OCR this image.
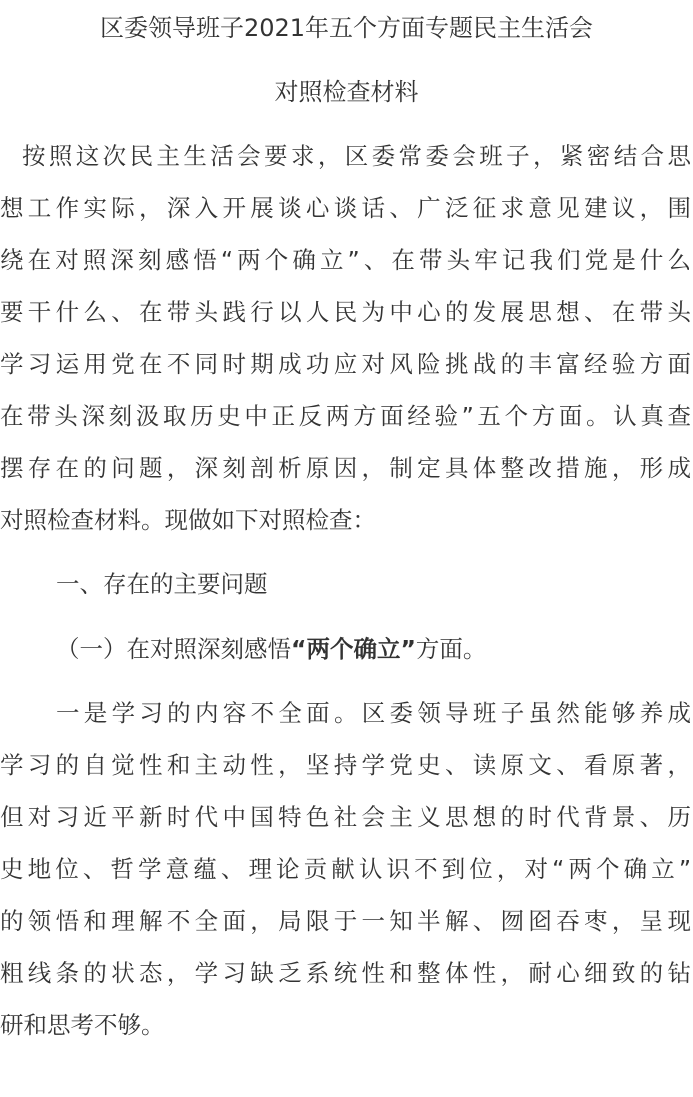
区委领导班子2021年五个方面专题民主生活会
对照检查材料

按照这次民主生活会要求，区委常委会班子，紧密结合思

想工作实际，深入开展谈心谈话、广泛征求意见建议，围

绕在对照深刻感悟“两个确立”、在带头牢记我们党是什么

要干什么、在带头践行以人民为中心的发展思想、在带头

学习运用党在不同时期成功应对风险挑战的丰富经验方面

在带头深刻汲取历史中正反两方面经验”五个方面。认真查

摆存在的问题，深刻剖析原因，制定具体整改措施，形成

对照检查材料。现做如下对照检查：

一、存在的主要问题

（一）在对照深刻感悟“两个确立”方面。

一是学习的内容不全面。区委领导班子虽然能够养成

学习的自觉性和主动性，坚持学党史、读原文、看原著，

但对习近平新时代中国特色社会主义思想的时代背景、历

史地位、哲学意蕴、理论贡献认识不到位，对“两个确立”

的领悟和理解不全面，局限于一知半解、囫囵吞枣，呈现

粗线条的状态，学习缺乏系统性和整体性，耐心细致的钻

研和思考不够。
